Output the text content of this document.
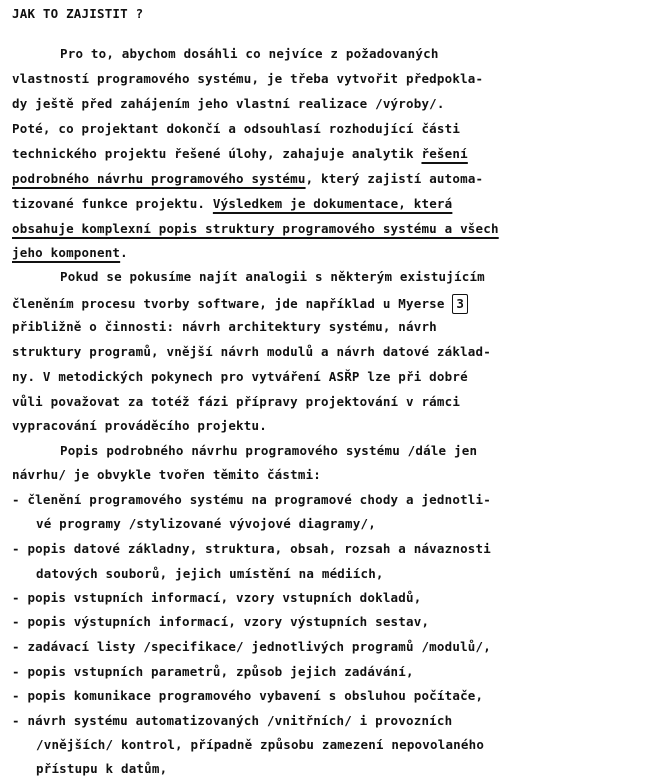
JAK TO ZAJISTIT ?
Pro to, abychom dosáhli co nejvíce z požadovaných
vlastností programového systému, je třeba vytvořit předpokla-
dy ještě před zahájením jeho vlastní realizace /výroby/.
Poté, co projektant dokončí a odsouhlasí rozhodující části
technického projektu řešené úlohy, zahajuje analytik řešení
podrobného návrhu programového systému, který zajistí automa-
tizované funkce projektu. Výsledkem je dokumentace, která
obsahuje komplexní popis struktury programového systému a všech
jeho komponent.
Pokud se pokusíme najít analogii s některým existujícím
členěním procesu tvorby software, jde například u Myerse 3
přibližně o činnosti: návrh architektury systému, návrh
struktury programů, vnější návrh modulů a návrh datové základ-
ny. V metodických pokynech pro vytváření ASŘP lze při dobré
vůli považovat za totéž fázi přípravy projektování v rámci
vypracování prováděcího projektu.
Popis podrobného návrhu programového systému /dále jen
návrhu/ je obvykle tvořen těmito částmi:
- členění programového systému na programové chody a jednotli-
vé programy /stylizované vývojové diagramy/,
- popis datové základny, struktura, obsah, rozsah a návaznosti
datových souborů, jejich umístění na médiích,
- popis vstupních informací, vzory vstupních dokladů,
- popis výstupních informací, vzory výstupních sestav,
- zadávací listy /specifikace/ jednotlivých programů /modulů/,
- popis vstupních parametrů, způsob jejich zadávání,
- popis komunikace programového vybavení s obsluhou počítače,
- návrh systému automatizovaných /vnitřních/ i provozních
/vnějších/ kontrol, případně způsobu zamezení nepovolaného
přístupu k datům,
